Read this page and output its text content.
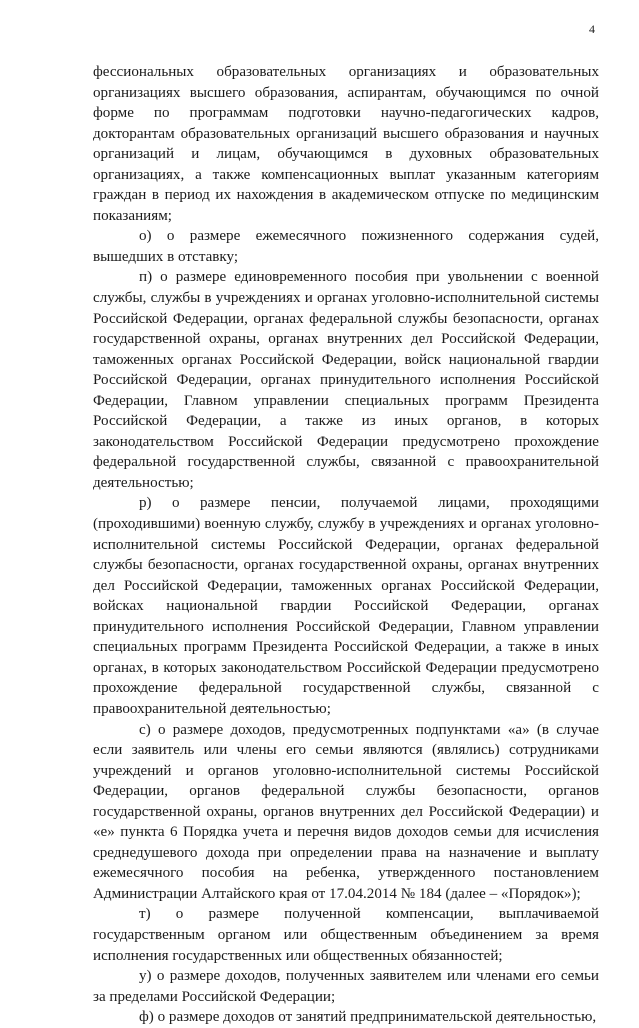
4

фессиональных образовательных организациях и образовательных организациях высшего образования, аспирантам, обучающимся по очной форме по программам подготовки научно-педагогических кадров, докторантам образовательных организаций высшего образования и научных организаций и лицам, обучающимся в духовных образовательных организациях, а также компенсационных выплат указанным категориям граждан в период их нахождения в академическом отпуске по медицинским показаниям;

о) о размере ежемесячного пожизненного содержания судей, вышедших в отставку;

п) о размере единовременного пособия при увольнении с военной службы, службы в учреждениях и органах уголовно-исполнительной системы Российской Федерации, органах федеральной службы безопасности, органах государственной охраны, органах внутренних дел Российской Федерации, таможенных органах Российской Федерации, войск национальной гвардии Российской Федерации, органах принудительного исполнения Российской Федерации, Главном управлении специальных программ Президента Российской Федерации, а также из иных органов, в которых законодательством Российской Федерации предусмотрено прохождение федеральной государственной службы, связанной с правоохранительной деятельностью;

р) о размере пенсии, получаемой лицами, проходящими (проходившими) военную службу, службу в учреждениях и органах уголовно-исполнительной системы Российской Федерации, органах федеральной службы безопасности, органах государственной охраны, органах внутренних дел Российской Федерации, таможенных органах Российской Федерации, войсках национальной гвардии Российской Федерации, органах принудительного исполнения Российской Федерации, Главном управлении специальных программ Президента Российской Федерации, а также в иных органах, в которых законодательством Российской Федерации предусмотрено прохождение федеральной государственной службы, связанной с правоохранительной деятельностью;

с) о размере доходов, предусмотренных подпунктами «а» (в случае если заявитель или члены его семьи являются (являлись) сотрудниками учреждений и органов уголовно-исполнительной системы Российской Федерации, органов федеральной службы безопасности, органов государственной охраны, органов внутренних дел Российской Федерации) и «е» пункта 6 Порядка учета и перечня видов доходов семьи для исчисления среднедушевого дохода при определении права на назначение и выплату ежемесячного пособия на ребенка, утвержденного постановлением Администрации Алтайского края от 17.04.2014 № 184 (далее – «Порядок»);

т) о размере полученной компенсации, выплачиваемой государственным органом или общественным объединением за время исполнения государственных или общественных обязанностей;

у) о размере доходов, полученных заявителем или членами его семьи за пределами Российской Федерации;

ф) о размере доходов от занятий предпринимательской деятельностью,
